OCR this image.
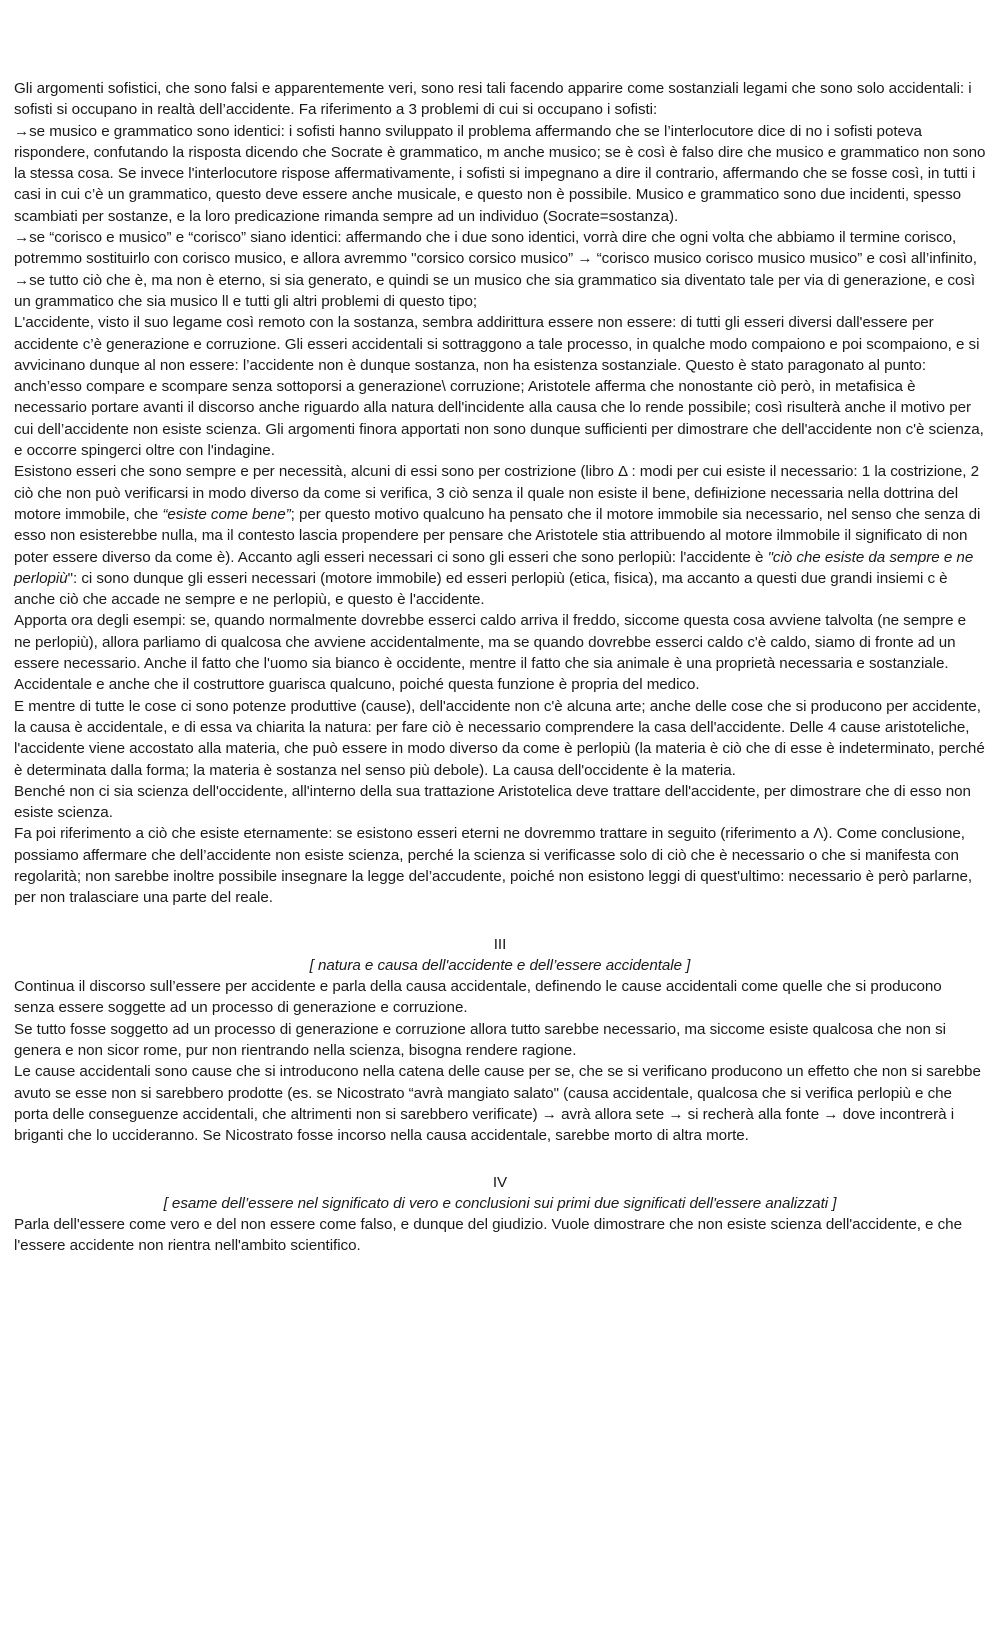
Gli argomenti sofistici, che sono falsi e apparentemente veri, sono resi tali facendo apparire come sostanziali legami che sono solo accidentali: i sofisti si occupano in realtà dell’accidente. Fa riferimento a 3 problemi di cui si occupano i sofisti:

→se musico e grammatico sono identici: i sofisti hanno sviluppato il problema affermando che se l’interlocutore dice di no i sofisti poteva rispondere, confutando la risposta dicendo che Socrate è grammatico, m anche musico; se è così è falso dire che musico e grammatico non sono la stessa cosa. Se invece l'interlocutore rispose affermativamente, i sofisti si impegnano a dire il contrario, affermando che se fosse così, in tutti i casi in cui c’è un grammatico, questo deve essere anche musicale, e questo non è possibile. Musico e grammatico sono due incidenti, spesso scambiati per sostanze, e la loro predicazione rimanda sempre ad un individuo (Socrate=sostanza).

→se “corisco e musico” e “corisco” siano identici: affermando che i due sono identici, vorrà dire che ogni volta che abbiamo il termine corisco, potremmo sostituirlo con corisco musico, e allora avremmo "corsico corsico musico” → “corisco musico corisco musico musico” e così all’infinito,

→se tutto ciò che è, ma non è eterno, si sia generato, e quindi se un musico che sia grammatico sia diventato tale per via di generazione, e così un grammatico che sia musico ll e tutti gli altri problemi di questo tipo;

L'accidente, visto il suo legame così remoto con la sostanza, sembra addirittura essere non essere: di tutti gli esseri diversi dall'essere per accidente c’è generazione e corruzione. Gli esseri accidentali si sottraggono a tale processo, in qualche modo compaiono e poi scompaiono, e si avvicinano dunque al non essere: l’accidente non è dunque sostanza, non ha esistenza sostanziale. Questo è stato paragonato al punto: anch’esso compare e scompare senza sottoporsi a generazione\ corruzione; Aristotele afferma che nonostante ciò però, in metafisica è necessario portare avanti il discorso anche riguardo alla natura dell'incidente alla causa che lo rende possibile; così risulterà anche il motivo per cui dell’accidente non esiste scienza. Gli argomenti finora apportati non sono dunque sufficienti per dimostrare che dell'accidente non c'è scienza, e occorre spingerci oltre con l'indagine.

Esistono esseri che sono sempre e per necessità, alcuni di essi sono per costrizione (libro Δ : modi per cui esiste il necessario: 1 la costrizione, 2 ciò che non può verificarsi in modo diverso da come si verifica, 3 ciò senza il quale non esiste il bene, defінizione necessaria nella dottrina del motore immobile, che “esiste come bene”; per questo motivo qualcuno ha pensato che il motore immobile sia necessario, nel senso che senza di esso non esisterebbe nulla, ma il contesto lascia propendere per pensare che Aristotele stia attribuendo al motore ilmmobile il significato di non poter essere diverso da come è). Accanto agli esseri necessari ci sono gli esseri che sono perlopiù: l'accidente è "ciò che esiste da sempre e ne perlopiù": ci sono dunque gli esseri necessari (motore immobile) ed esseri perlopiù (etica, fisica), ma accanto a questi due grandi insiemi c è anche ciò che accade ne sempre e ne perlopiù, e questo è l'accidente.

Apporta ora degli esempi: se, quando normalmente dovrebbe esserci caldo arriva il freddo, siccome questa cosa avviene talvolta (ne sempre e ne perlopiù), allora parliamo di qualcosa che avviene accidentalmente, ma se quando dovrebbe esserci caldo c'è caldo, siamo di fronte ad un essere necessario. Anche il fatto che l'uomo sia bianco è occidente, mentre il fatto che sia animale è una proprietà necessaria e sostanziale. Accidentale e anche che il costruttore guarisca qualcuno, poiché questa funzione è propria del medico.

E mentre di tutte le cose ci sono potenze produttive (cause), dell'accidente non c'è alcuna arte; anche delle cose che si producono per accidente, la causa è accidentale, e di essa va chiarita la natura: per fare ciò è necessario comprendere la casa dell'accidente. Delle 4 cause aristoteliche, l'accidente viene accostato alla materia, che può essere in modo diverso da come è perlopiù (la materia è ciò che di esse è indeterminato, perché è determinata dalla forma; la materia è sostanza nel senso più debole). La causa dell'occidente è la materia.

Benché non ci sia scienza dell'occidente, all'interno della sua trattazione Aristotelica deve trattare dell'accidente, per dimostrare che di esso non esiste scienza.

Fa poi riferimento a ciò che esiste eternamente: se esistono esseri eterni ne dovremmo trattare in seguito (riferimento a Λ). Come conclusione, possiamo affermare che dell’accidente non esiste scienza, perché la scienza si verificasse solo di ciò che è necessario o che si manifesta con regolarità; non sarebbe inoltre possibile insegnare la legge del’accudente, poiché non esistono leggi di quest'ultimo: necessario è però parlarne, per non tralasciare una parte del reale.

III

[ natura e causa dell'accidente e dell’essere accidentale ]

Continua il discorso sull’essere per accidente e parla della causa accidentale, definendo le cause accidentali come quelle che si producono senza essere soggette ad un processo di generazione e corruzione.

Se tutto fosse soggetto ad un processo di generazione e corruzione allora tutto sarebbe necessario, ma siccome esiste qualcosa che non si genera e non sicor rome, pur non rientrando nella scienza, bisogna rendere ragione.

Le cause accidentali sono cause che si introducono nella catena delle cause per se, che se si verificano producono un effetto che non si sarebbe avuto se esse non si sarebbero prodotte (es. se Nicostrato “avrà mangiato salato" (causa accidentale, qualcosa che si verifica perlopiù e che porta delle conseguenze accidentali, che altrimenti non si sarebbero verificate) → avrà allora sete → si recherà alla fonte → dove incontrerà i briganti che lo uccideranno. Se Nicostrato fosse incorso nella causa accidentale, sarebbe morto di altra morte.

IV

[ esame dell’essere nel significato di vero e conclusioni sui primi due significati dell'essere analizzati ]

Parla dell'essere come vero e del non essere come falso, e dunque del giudizio. Vuole dimostrare che non esiste scienza dell'accidente, e che l'essere accidente non rientra nell'ambito scientifico.
